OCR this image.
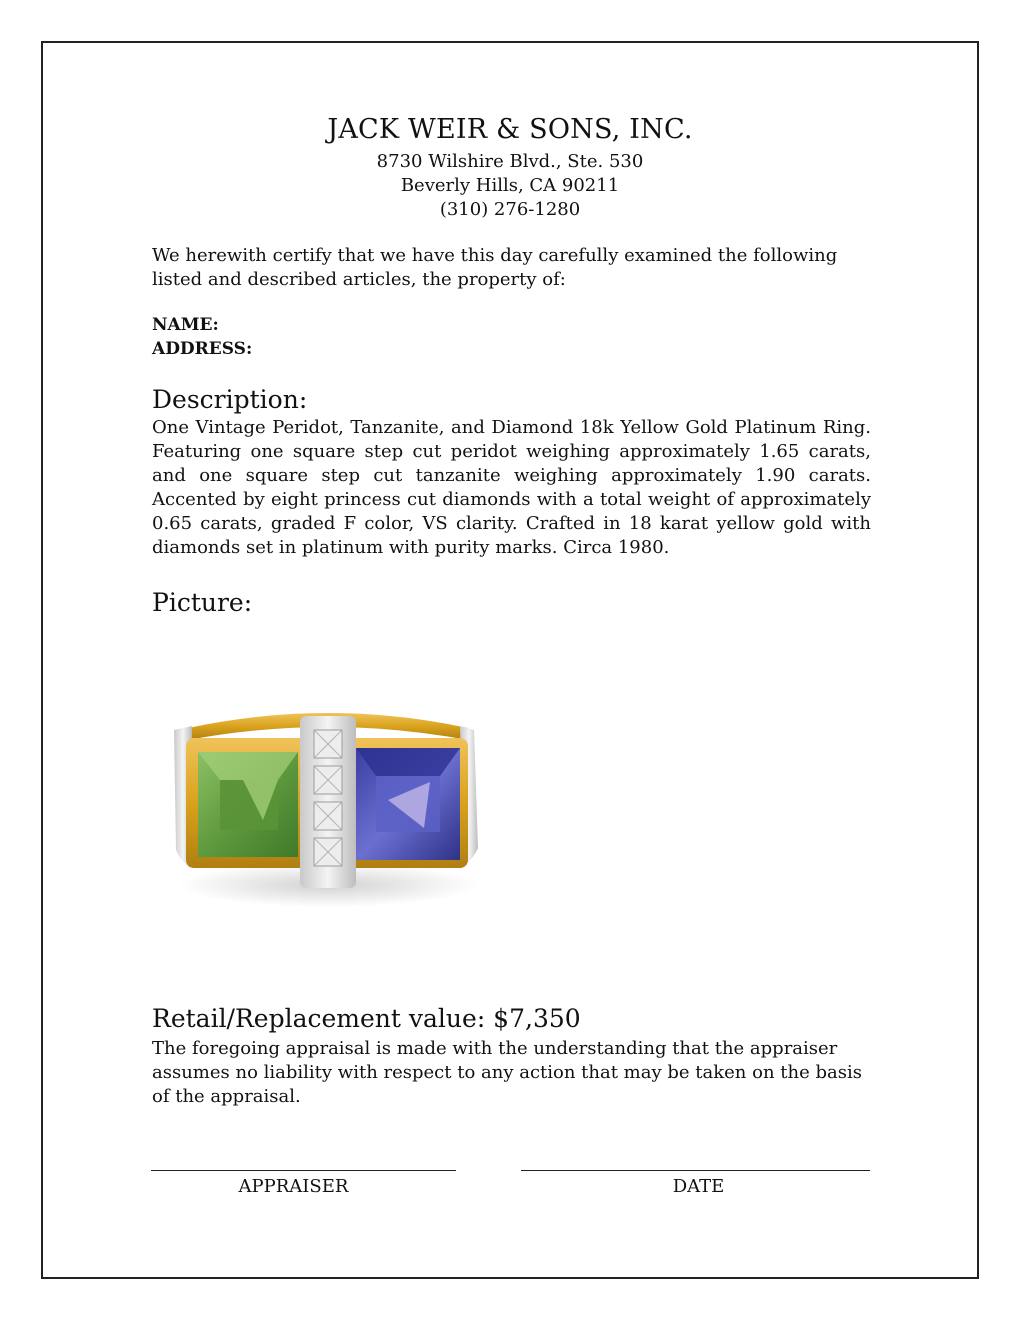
JACK WEIR & SONS, INC.
8730 Wilshire Blvd., Ste. 530
Beverly Hills, CA 90211
(310) 276-1280
We herewith certify that we have this day carefully examined the following listed and described articles, the property of:
NAME:
ADDRESS:
Description:
One Vintage Peridot, Tanzanite, and Diamond 18k Yellow Gold Platinum Ring. Featuring one square step cut peridot weighing approximately 1.65 carats, and one square step cut tanzanite weighing approximately 1.90 carats. Accented by eight princess cut diamonds with a total weight of approximately 0.65 carats, graded F color, VS clarity. Crafted in 18 karat yellow gold with diamonds set in platinum with purity marks. Circa 1980.
Picture:
Retail/Replacement value: $7,350
The foregoing appraisal is made with the understanding that the appraiser assumes no liability with respect to any action that may be taken on the basis of the appraisal.
APPRAISER	DATE
